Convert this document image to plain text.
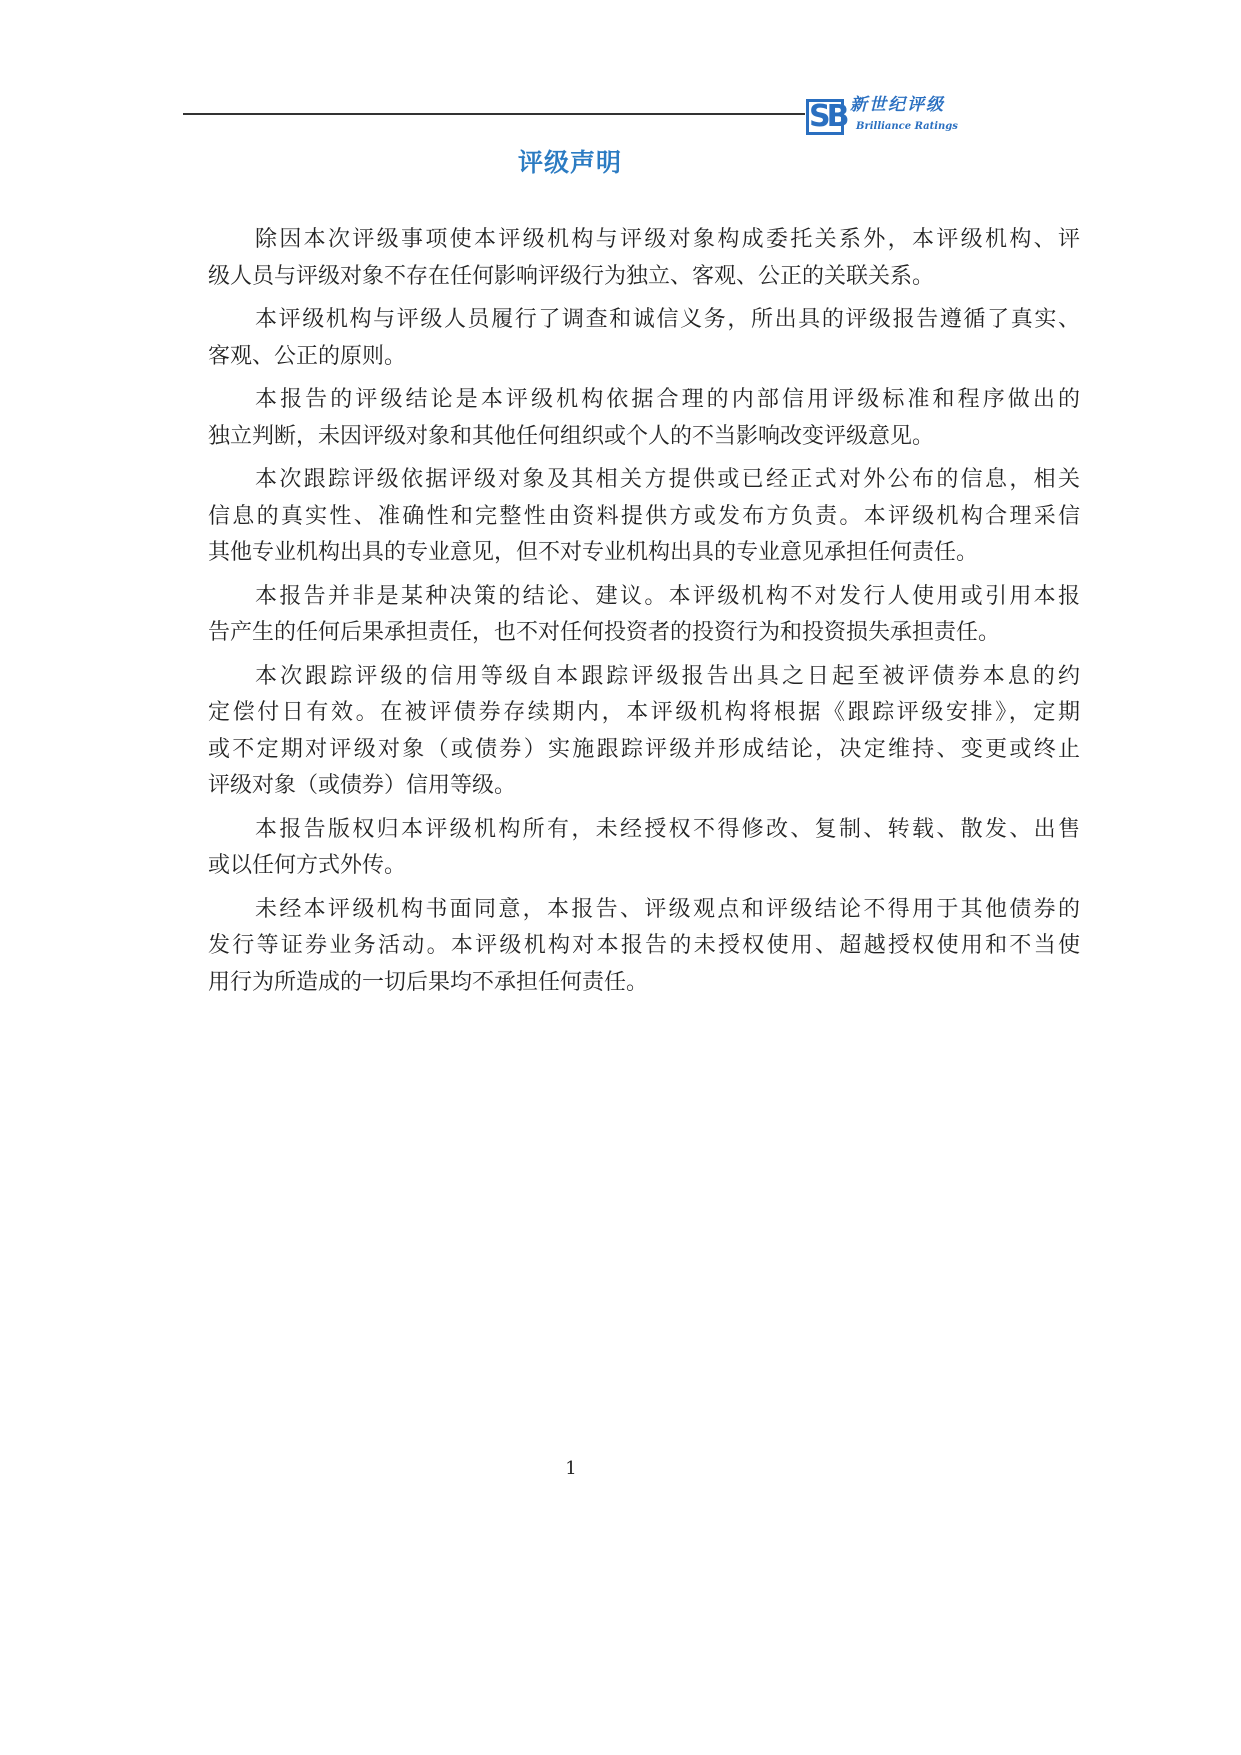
SB 新世纪评级
Brilliance Ratings
评级声明
除因本次评级事项使本评级机构与评级对象构成委托关系外，本评级机构、评
级人员与评级对象不存在任何影响评级行为独立、客观、公正的关联关系。
本评级机构与评级人员履行了调查和诚信义务，所出具的评级报告遵循了真实、
客观、公正的原则。
本报告的评级结论是本评级机构依据合理的内部信用评级标准和程序做出的
独立判断，未因评级对象和其他任何组织或个人的不当影响改变评级意见。
本次跟踪评级依据评级对象及其相关方提供或已经正式对外公布的信息，相关
信息的真实性、准确性和完整性由资料提供方或发布方负责。本评级机构合理采信
其他专业机构出具的专业意见，但不对专业机构出具的专业意见承担任何责任。
本报告并非是某种决策的结论、建议。本评级机构不对发行人使用或引用本报
告产生的任何后果承担责任，也不对任何投资者的投资行为和投资损失承担责任。
本次跟踪评级的信用等级自本跟踪评级报告出具之日起至被评债券本息的约
定偿付日有效。在被评债券存续期内，本评级机构将根据《跟踪评级安排》，定期
或不定期对评级对象（或债券）实施跟踪评级并形成结论，决定维持、变更或终止
评级对象（或债券）信用等级。
本报告版权归本评级机构所有，未经授权不得修改、复制、转载、散发、出售
或以任何方式外传。
未经本评级机构书面同意，本报告、评级观点和评级结论不得用于其他债券的
发行等证券业务活动。本评级机构对本报告的未授权使用、超越授权使用和不当使
用行为所造成的一切后果均不承担任何责任。
1
